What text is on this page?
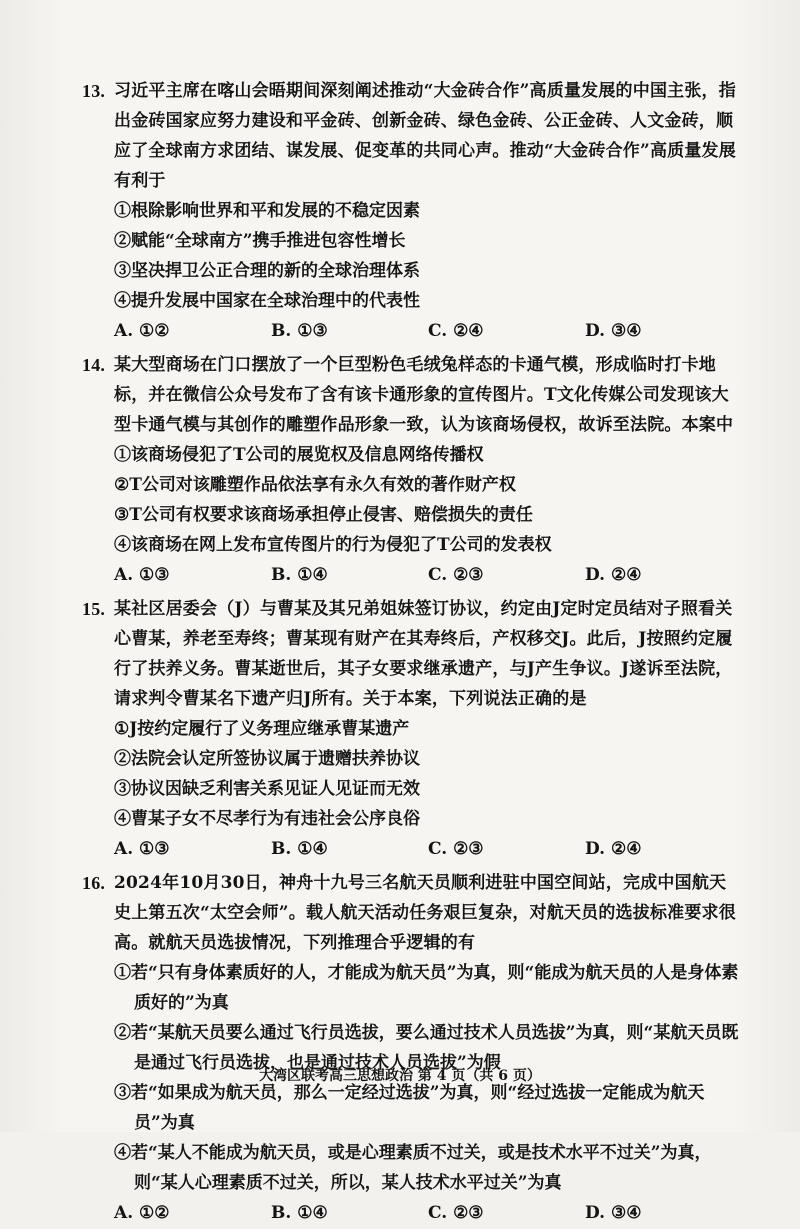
13. 习近平主席在喀山会晤期间深刻阐述推动“大金砖合作”高质量发展的中国主张，指出金砖国家应努力建设和平金砖、创新金砖、绿色金砖、公正金砖、人文金砖，顺应了全球南方求团结、谋发展、促变革的共同心声。推动“大金砖合作”高质量发展有利于
①根除影响世界和平和发展的不稳定因素
②赋能“全球南方”携手推进包容性增长
③坚决捍卫公正合理的新的全球治理体系
④提升发展中国家在全球治理中的代表性
A. ①②	B. ①③	C. ②④	D. ③④
14. 某大型商场在门口摆放了一个巨型粉色毛绒兔样态的卡通气模，形成临时打卡地标，并在微信公众号发布了含有该卡通形象的宣传图片。T文化传媒公司发现该大型卡通气模与其创作的雕塑作品形象一致，认为该商场侵权，故诉至法院。本案中
①该商场侵犯了T公司的展览权及信息网络传播权
②T公司对该雕塑作品依法享有永久有效的著作财产权
③T公司有权要求该商场承担停止侵害、赔偿损失的责任
④该商场在网上发布宣传图片的行为侵犯了T公司的发表权
A. ①③	B. ①④	C. ②③	D. ②④
15. 某社区居委会（J）与曹某及其兄弟姐妹签订协议，约定由J定时定员结对子照看关心曹某，养老至寿终；曹某现有财产在其寿终后，产权移交J。此后，J按照约定履行了扶养义务。曹某逝世后，其子女要求继承遗产，与J产生争议。J遂诉至法院，请求判令曹某名下遗产归J所有。关于本案，下列说法正确的是
①J按约定履行了义务理应继承曹某遗产
②法院会认定所签协议属于遗赠扶养协议
③协议因缺乏利害关系见证人见证而无效
④曹某子女不尽孝行为有违社会公序良俗
A. ①③	B. ①④	C. ②③	D. ②④
16. 2024年10月30日，神舟十九号三名航天员顺利进驻中国空间站，完成中国航天史上第五次“太空会师”。载人航天活动任务艰巨复杂，对航天员的选拔标准要求很高。就航天员选拔情况，下列推理合乎逻辑的有
①若“只有身体素质好的人，才能成为航天员”为真，则“能成为航天员的人是身体素质好的”为真
②若“某航天员要么通过飞行员选拔，要么通过技术人员选拔”为真，则“某航天员既是通过飞行员选拔，也是通过技术人员选拔”为假
③若“如果成为航天员，那么一定经过选拔”为真，则“经过选拔一定能成为航天员”为真
④若“某人不能成为航天员，或是心理素质不过关，或是技术水平不过关”为真，则“某人心理素质不过关，所以，某人技术水平过关”为真
A. ①②	B. ①④	C. ②③	D. ③④
大湾区联考高三思想政治 第 4 页（共 6 页）
